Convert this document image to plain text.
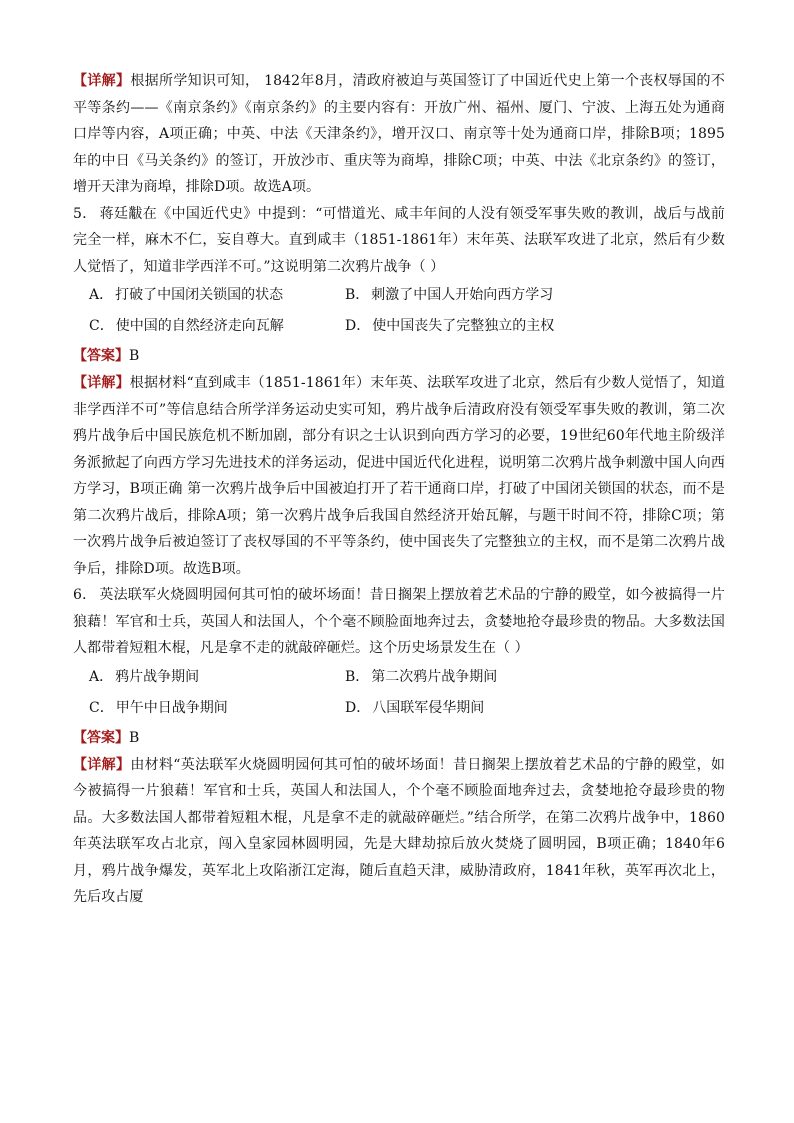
【详解】根据所学知识可知， 1842年8月，清政府被迫与英国签订了中国近代史上第一个丧权辱国的不平等条约——《南京条约》《南京条约》的主要内容有：开放广州、福州、厦门、宁波、上海五处为通商口岸等内容，A项正确；中英、中法《天津条约》，增开汉口、南京等十处为通商口岸，排除B项；1895年的中日《马关条约》的签订，开放沙市、重庆等为商埠，排除C项；中英、中法《北京条约》的签订，增开天津为商埠，排除D项。故选A项。

5． 蒋廷黻在《中国近代史》中提到：“可惜道光、咸丰年间的人没有领受军事失败的教训，战后与战前完全一样，麻木不仁，妄自尊大。直到咸丰（1851-1861年）末年英、法联军攻进了北京，然后有少数人觉悟了，知道非学西洋不可。”这说明第二次鸦片战争（ ）

A． 打破了中国闭关锁国的状态	B． 刺激了中国人开始向西方学习
C． 使中国的自然经济走向瓦解	D． 使中国丧失了完整独立的主权
【答案】B

【详解】根据材料“直到咸丰（1851-1861年）末年英、法联军攻进了北京，然后有少数人觉悟了，知道非学西洋不可”等信息结合所学洋务运动史实可知，鸦片战争后清政府没有领受军事失败的教训，第二次鸦片战争后中国民族危机不断加剧，部分有识之士认识到向西方学习的必要，19世纪60年代地主阶级洋务派掀起了向西方学习先进技术的洋务运动，促进中国近代化进程，说明第二次鸦片战争刺激中国人向西方学习，B项正确 第一次鸦片战争后中国被迫打开了若干通商口岸，打破了中国闭关锁国的状态，而不是第二次鸦片战后，排除A项；第一次鸦片战争后我国自然经济开始瓦解，与题干时间不符，排除C项；第一次鸦片战争后被迫签订了丧权辱国的不平等条约，使中国丧失了完整独立的主权，而不是第二次鸦片战争后，排除D项。故选B项。

6． 英法联军火烧圆明园何其可怕的破坏场面！昔日搁架上摆放着艺术品的宁静的殿堂，如今被搞得一片狼藉！军官和士兵，英国人和法国人，个个毫不顾脸面地奔过去，贪婪地抢夺最珍贵的物品。大多数法国人都带着短粗木棍，凡是拿不走的就敲碎砸烂。这个历史场景发生在（ ）

A． 鸦片战争期间	B． 第二次鸦片战争期间
C． 甲午中日战争期间	D． 八国联军侵华期间
【答案】B

【详解】由材料“英法联军火烧圆明园何其可怕的破坏场面！昔日搁架上摆放着艺术品的宁静的殿堂，如今被搞得一片狼藉！军官和士兵，英国人和法国人，个个毫不顾脸面地奔过去，贪婪地抢夺最珍贵的物品。大多数法国人都带着短粗木棍，凡是拿不走的就敲碎砸烂。”结合所学，在第二次鸦片战争中，1860年英法联军攻占北京，闯入皇家园林圆明园，先是大肆劫掠后放火焚烧了圆明园，B项正确；1840年6月，鸦片战争爆发，英军北上攻陷浙江定海，随后直趋天津，威胁清政府，1841年秋，英军再次北上，先后攻占厦
